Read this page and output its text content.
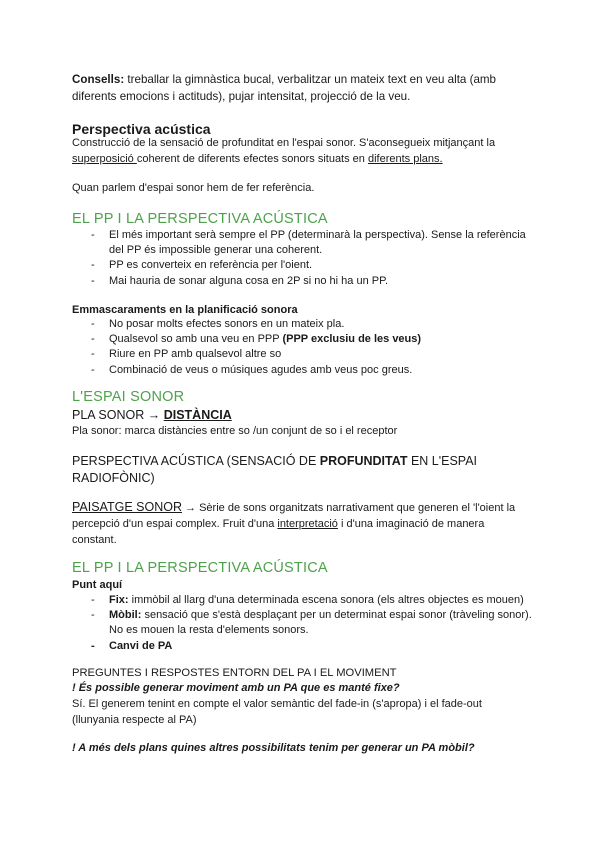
Consells: treballar la gimnàstica bucal, verbalitzar un mateix text en veu alta (amb diferents emocions i actituds), pujar intensitat, projecció de la veu.
Perspectiva acústica
Construcció de la sensació de profunditat en l'espai sonor. S'aconsegueix mitjançant la superposició coherent de diferents efectes sonors situats en diferents plans.
Quan parlem d'espai sonor hem de fer referència.
EL PP I LA PERSPECTIVA ACÚSTICA
- El més important serà sempre el PP (determinarà la perspectiva). Sense la referència del PP és impossible generar una coherent.
- PP es converteix en referència per l'oient.
- Mai hauria de sonar alguna cosa en 2P si no hi ha un PP.
Emmascaraments en la planificació sonora
- No posar molts efectes sonors en un mateix pla.
- Qualsevol so amb una veu en PPP (PPP exclusiu de les veus)
- Riure en PP amb qualsevol altre so
- Combinació de veus o músiques agudes amb veus poc greus.
L'ESPAI SONOR
PLA SONOR → DISTÀNCIA
Pla sonor: marca distàncies entre so /un conjunt de so i el receptor
PERSPECTIVA ACÚSTICA (SENSACIÓ DE PROFUNDITAT EN L'ESPAI RADIOFÒNIC)
PAISATGE SONOR → Sèrie de sons organitzats narrativament que generen el 'l'oient la percepció d'un espai complex. Fruit d'una interpretació i d'una imaginació de manera constant.
EL PP I LA PERSPECTIVA ACÚSTICA
Punt aquí
- Fix: immòbil al llarg d'una determinada escena sonora (els altres objectes es mouen)
- Mòbil: sensació que s'està desplaçant per un determinat espai sonor (tràveling sonor). No es mouen la resta d'elements sonors.
- Canvi de PA
PREGUNTES I RESPOSTES ENTORN DEL PA I EL MOVIMENT
! És possible generar moviment amb un PA que es manté fixe?
Sí. El generem tenint en compte el valor semàntic del fade-in (s'apropa) i el fade-out (llunyania respecte al PA)
! A més dels plans quines altres possibilitats tenim per generar un PA mòbil?
